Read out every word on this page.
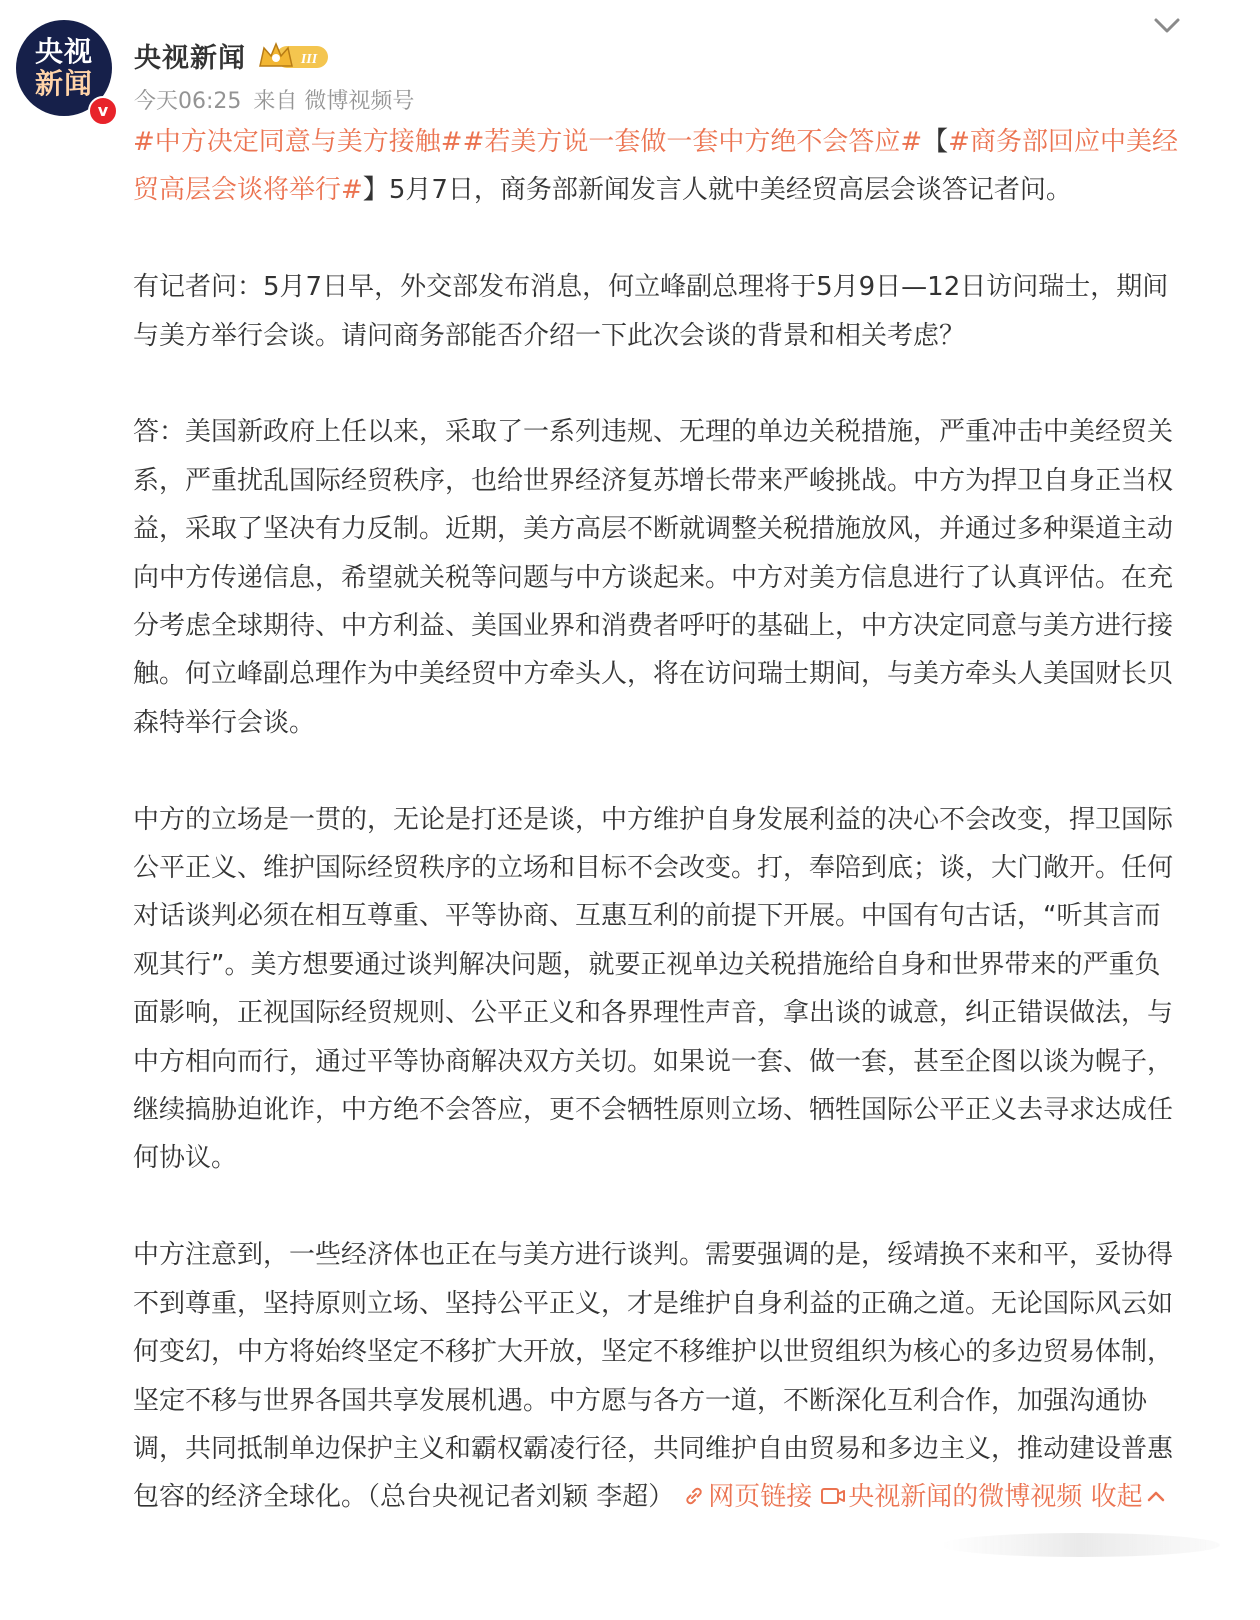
央视
新闻
v
央视新闻	III
今天06:25 来自 微博视频号

#中方决定同意与美方接触##若美方说一套做一套中方绝不会答应#【#商务部回应中美经贸高层会谈将举行#】5月7日，商务部新闻发言人就中美经贸高层会谈答记者问。

有记者问：5月7日早，外交部发布消息，何立峰副总理将于5月9日—12日访问瑞士，期间与美方举行会谈。请问商务部能否介绍一下此次会谈的背景和相关考虑？

答：美国新政府上任以来，采取了一系列违规、无理的单边关税措施，严重冲击中美经贸关系，严重扰乱国际经贸秩序，也给世界经济复苏增长带来严峻挑战。中方为捍卫自身正当权益，采取了坚决有力反制。近期，美方高层不断就调整关税措施放风，并通过多种渠道主动向中方传递信息，希望就关税等问题与中方谈起来。中方对美方信息进行了认真评估。在充分考虑全球期待、中方利益、美国业界和消费者呼吁的基础上，中方决定同意与美方进行接触。何立峰副总理作为中美经贸中方牵头人，将在访问瑞士期间，与美方牵头人美国财长贝森特举行会谈。

中方的立场是一贯的，无论是打还是谈，中方维护自身发展利益的决心不会改变，捍卫国际公平正义、维护国际经贸秩序的立场和目标不会改变。打，奉陪到底；谈，大门敞开。任何对话谈判必须在相互尊重、平等协商、互惠互利的前提下开展。中国有句古话，“听其言而观其行”。美方想要通过谈判解决问题，就要正视单边关税措施给自身和世界带来的严重负面影响，正视国际经贸规则、公平正义和各界理性声音，拿出谈的诚意，纠正错误做法，与中方相向而行，通过平等协商解决双方关切。如果说一套、做一套，甚至企图以谈为幌子，继续搞胁迫讹诈，中方绝不会答应，更不会牺牲原则立场、牺牲国际公平正义去寻求达成任何协议。

中方注意到，一些经济体也正在与美方进行谈判。需要强调的是，绥靖换不来和平，妥协得不到尊重，坚持原则立场、坚持公平正义，才是维护自身利益的正确之道。无论国际风云如何变幻，中方将始终坚定不移扩大开放，坚定不移维护以世贸组织为核心的多边贸易体制，坚定不移与世界各国共享发展机遇。中方愿与各方一道，不断深化互利合作，加强沟通协调，共同抵制单边保护主义和霸权霸凌行径，共同维护自由贸易和多边主义，推动建设普惠包容的经济全球化。（总台央视记者刘颖 李超） 网页链接 央视新闻的微博视频 收起
